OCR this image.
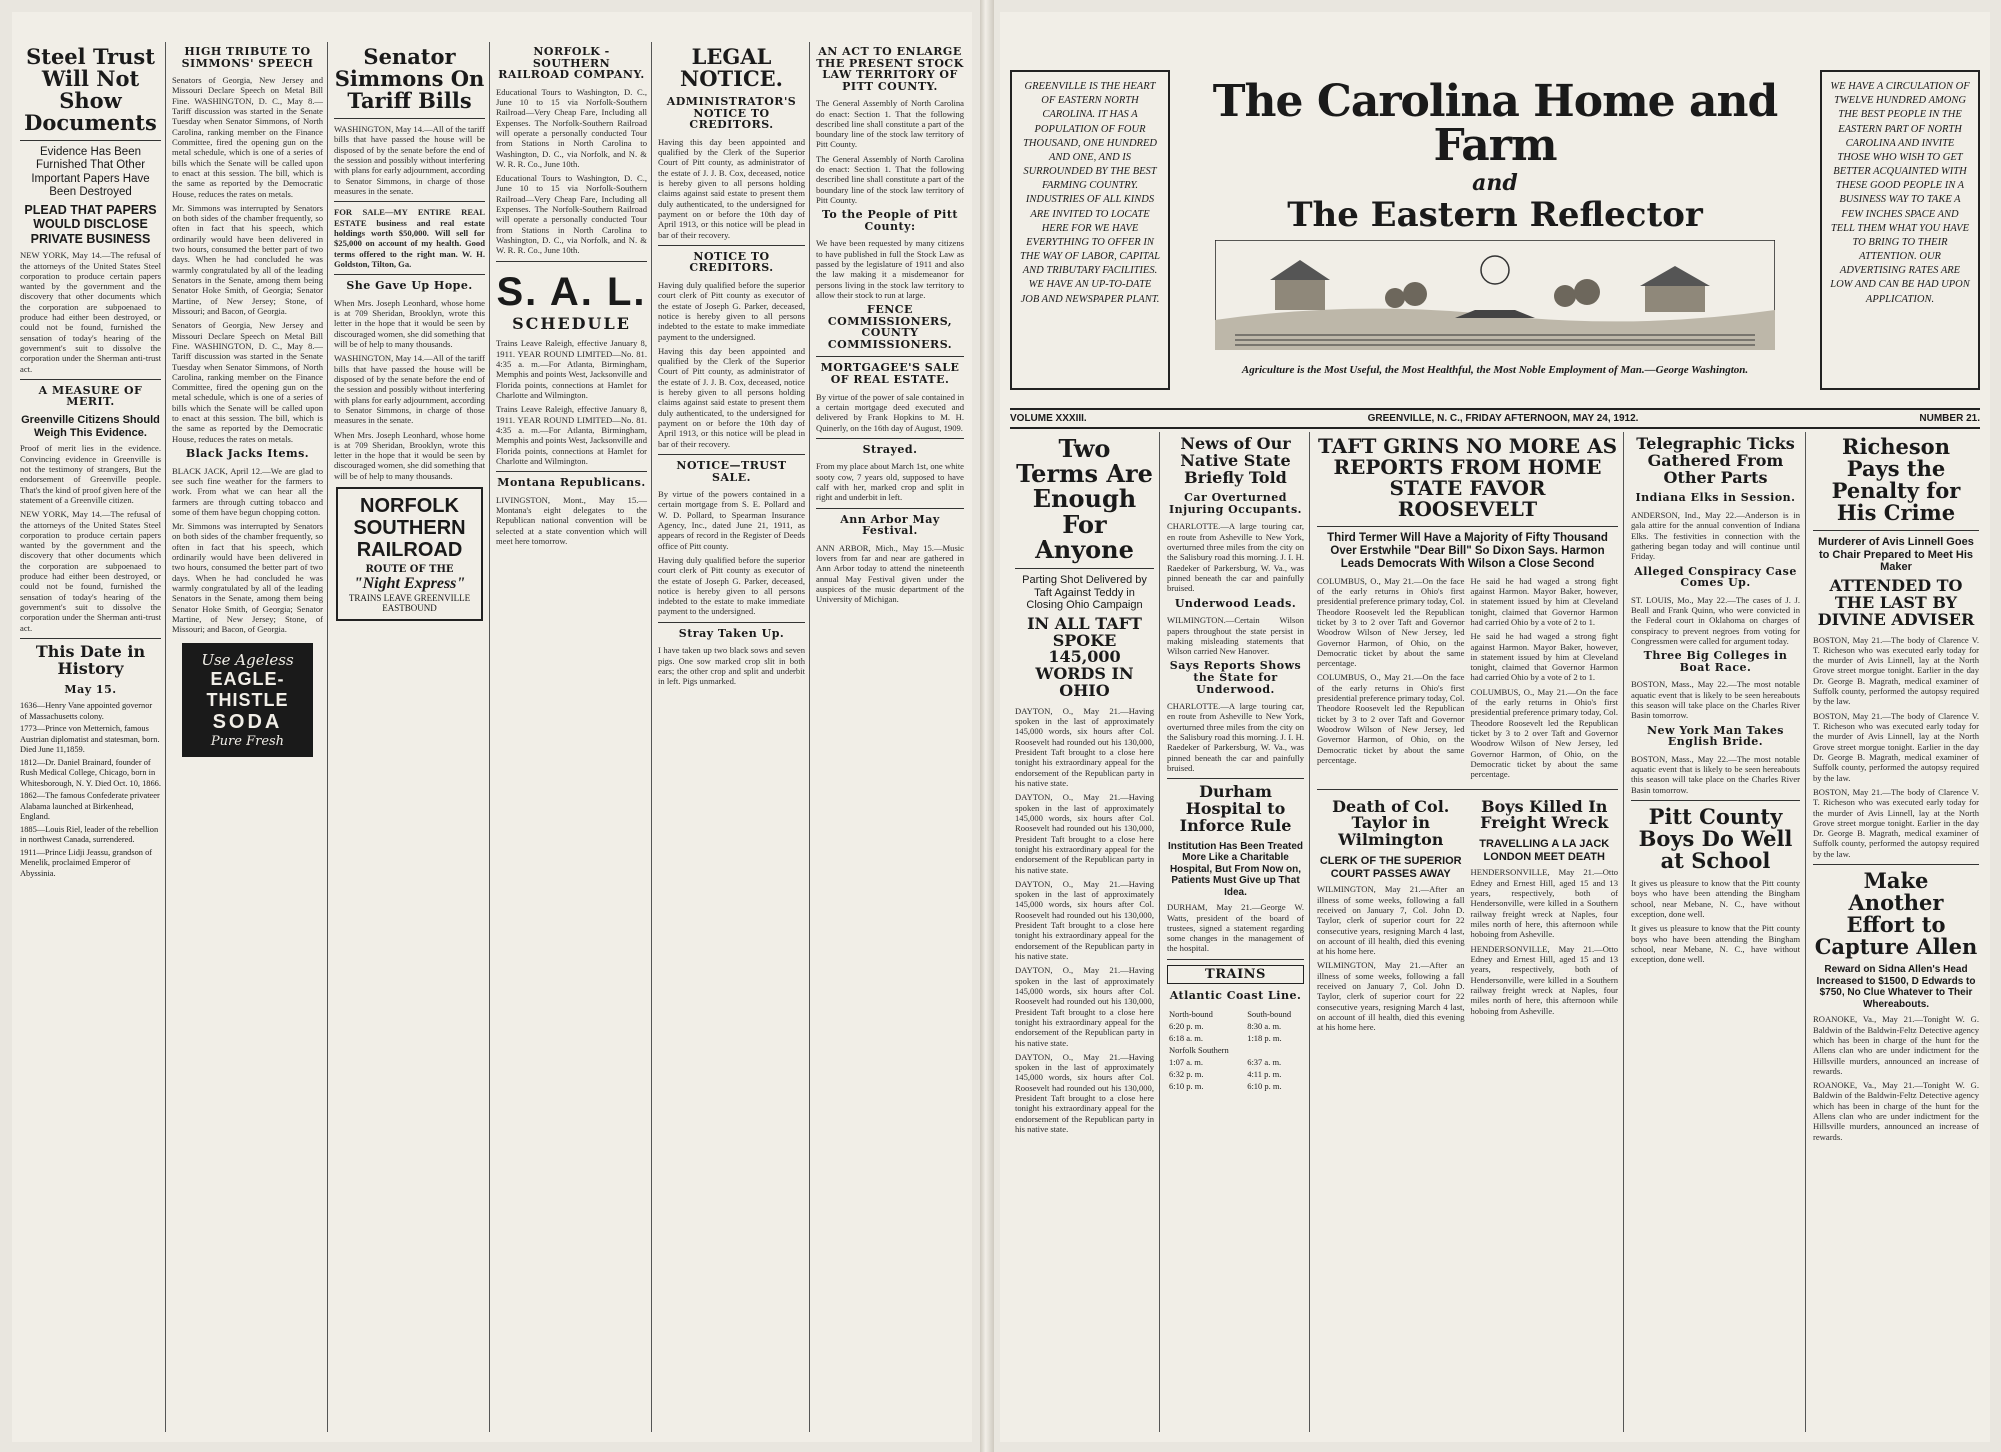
Steel Trust Will Not Show Documents
Evidence Has Been Furnished That Other Important Papers Have Been Destroyed
PLEAD THAT PAPERS WOULD DISCLOSE PRIVATE BUSINESS

NEW YORK, May 14.—The refusal of the attorneys of the United States Steel corporation to produce certain papers wanted by the government and the discovery that other documents which the corporation are subpoenaed to produce had either been destroyed, or could not be found, furnished the sensation of today's hearing of the government's suit to dissolve the corporation under the Sherman anti-trust act.

A MEASURE OF MERIT.
Greenville Citizens Should Weigh This Evidence.

Proof of merit lies in the evidence. Convincing evidence in Greenville is not the testimony of strangers, But the endorsement of Greenville people. That's the kind of proof given here of the statement of a Greenville citizen.

NEW YORK, May 14.—The refusal of the attorneys of the United States Steel corporation to produce certain papers wanted by the government and the discovery that other documents which the corporation are subpoenaed to produce had either been destroyed, or could not be found, furnished the sensation of today's hearing of the government's suit to dissolve the corporation under the Sherman anti-trust act.

This Date in History
May 15.
1636—Henry Vane appointed governor of Massachusetts colony.
1773—Prince von Metternich, famous Austrian diplomatist and statesman, born. Died June 11,1859.
1812—Dr. Daniel Brainard, founder of Rush Medical College, Chicago, born in Whitesborough, N. Y. Died Oct. 10, 1866.
1862—The famous Confederate privateer Alabama launched at Birkenhead, England.
1885—Louis Riel, leader of the rebellion in northwest Canada, surrendered.
1911—Prince Lidji Jeassu, grandson of Menelik, proclaimed Emperor of Abyssinia.
HIGH TRIBUTE TO SIMMONS' SPEECH

Senators of Georgia, New Jersey and Missouri Declare Speech on Metal Bill Fine. WASHINGTON, D. C., May 8.—Tariff discussion was started in the Senate Tuesday when Senator Simmons, of North Carolina, ranking member on the Finance Committee, fired the opening gun on the metal schedule, which is one of a series of bills which the Senate will be called upon to enact at this session. The bill, which is the same as reported by the Democratic House, reduces the rates on metals.

Mr. Simmons was interrupted by Senators on both sides of the chamber frequently, so often in fact that his speech, which ordinarily would have been delivered in two hours, consumed the better part of two days. When he had concluded he was warmly congratulated by all of the leading Senators in the Senate, among them being Senator Hoke Smith, of Georgia; Senator Martine, of New Jersey; Stone, of Missouri; and Bacon, of Georgia.

Senators of Georgia, New Jersey and Missouri Declare Speech on Metal Bill Fine. WASHINGTON, D. C., May 8.—Tariff discussion was started in the Senate Tuesday when Senator Simmons, of North Carolina, ranking member on the Finance Committee, fired the opening gun on the metal schedule, which is one of a series of bills which the Senate will be called upon to enact at this session. The bill, which is the same as reported by the Democratic House, reduces the rates on metals.

Black Jacks Items.

BLACK JACK, April 12.—We are glad to see such fine weather for the farmers to work. From what we can hear all the farmers are through cutting tobacco and some of them have begun chopping cotton.

Mr. Simmons was interrupted by Senators on both sides of the chamber frequently, so often in fact that his speech, which ordinarily would have been delivered in two hours, consumed the better part of two days. When he had concluded he was warmly congratulated by all of the leading Senators in the Senate, among them being Senator Hoke Smith, of Georgia; Senator Martine, of New Jersey; Stone, of Missouri; and Bacon, of Georgia.

Use Ageless
EAGLE-THISTLE
SODA
Pure Fresh
Senator Simmons On Tariff Bills

WASHINGTON, May 14.—All of the tariff bills that have passed the house will be disposed of by the senate before the end of the session and possibly without interfering with plans for early adjournment, according to Senator Simmons, in charge of those measures in the senate.

FOR SALE—MY ENTIRE REAL ESTATE business and real estate holdings worth $50,000. Will sell for $25,000 on account of my health. Good terms offered to the right man. W. H. Goldston, Tilton, Ga.

She Gave Up Hope.

When Mrs. Joseph Leonhard, whose home is at 709 Sheridan, Brooklyn, wrote this letter in the hope that it would be seen by discouraged women, she did something that will be of help to many thousands.

WASHINGTON, May 14.—All of the tariff bills that have passed the house will be disposed of by the senate before the end of the session and possibly without interfering with plans for early adjournment, according to Senator Simmons, in charge of those measures in the senate.

When Mrs. Joseph Leonhard, whose home is at 709 Sheridan, Brooklyn, wrote this letter in the hope that it would be seen by discouraged women, she did something that will be of help to many thousands.

NORFOLK SOUTHERN RAILROAD
ROUTE OF THE
"Night Express"
TRAINS LEAVE GREENVILLE EASTBOUND
NORFOLK - SOUTHERN RAILROAD COMPANY.

Educational Tours to Washington, D. C., June 10 to 15 via Norfolk-Southern Railroad—Very Cheap Fare, Including all Expenses. The Norfolk-Southern Railroad will operate a personally conducted Tour from Stations in North Carolina to Washington, D. C., via Norfolk, and N. & W. R. R. Co., June 10th.

Educational Tours to Washington, D. C., June 10 to 15 via Norfolk-Southern Railroad—Very Cheap Fare, Including all Expenses. The Norfolk-Southern Railroad will operate a personally conducted Tour from Stations in North Carolina to Washington, D. C., via Norfolk, and N. & W. R. R. Co., June 10th.

S. A. L.
SCHEDULE

Trains Leave Raleigh, effective January 8, 1911. YEAR ROUND LIMITED—No. 81. 4:35 a. m.—For Atlanta, Birmingham, Memphis and points West, Jacksonville and Florida points, connections at Hamlet for Charlotte and Wilmington.

Trains Leave Raleigh, effective January 8, 1911. YEAR ROUND LIMITED—No. 81. 4:35 a. m.—For Atlanta, Birmingham, Memphis and points West, Jacksonville and Florida points, connections at Hamlet for Charlotte and Wilmington.

Montana Republicans.

LIVINGSTON, Mont., May 15.—Montana's eight delegates to the Republican national convention will be selected at a state convention which will meet here tomorrow.

LEGAL NOTICE.
ADMINISTRATOR'S NOTICE TO CREDITORS.

Having this day been appointed and qualified by the Clerk of the Superior Court of Pitt county, as administrator of the estate of J. J. B. Cox, deceased, notice is hereby given to all persons holding claims against said estate to present them duly authenticated, to the undersigned for payment on or before the 10th day of April 1913, or this notice will be plead in bar of their recovery.

NOTICE TO CREDITORS.

Having duly qualified before the superior court clerk of Pitt county as executor of the estate of Joseph G. Parker, deceased, notice is hereby given to all persons indebted to the estate to make immediate payment to the undersigned.

Having this day been appointed and qualified by the Clerk of the Superior Court of Pitt county, as administrator of the estate of J. J. B. Cox, deceased, notice is hereby given to all persons holding claims against said estate to present them duly authenticated, to the undersigned for payment on or before the 10th day of April 1913, or this notice will be plead in bar of their recovery.

NOTICE—TRUST SALE.

By virtue of the powers contained in a certain mortgage from S. E. Pollard and W. D. Pollard, to Spearman Insurance Agency, Inc., dated June 21, 1911, as appears of record in the Register of Deeds office of Pitt county.

Having duly qualified before the superior court clerk of Pitt county as executor of the estate of Joseph G. Parker, deceased, notice is hereby given to all persons indebted to the estate to make immediate payment to the undersigned.

Stray Taken Up.

I have taken up two black sows and seven pigs. One sow marked crop slit in both ears; the other crop and split and underbit in left. Pigs unmarked.

AN ACT TO ENLARGE THE PRESENT STOCK LAW TERRITORY OF PITT COUNTY.

The General Assembly of North Carolina do enact: Section 1. That the following described line shall constitute a part of the boundary line of the stock law territory of Pitt County.

The General Assembly of North Carolina do enact: Section 1. That the following described line shall constitute a part of the boundary line of the stock law territory of Pitt County.

To the People of Pitt County:

We have been requested by many citizens to have published in full the Stock Law as passed by the legislature of 1911 and also the law making it a misdemeanor for persons living in the stock law territory to allow their stock to run at large.

FENCE COMMISSIONERS, COUNTY COMMISSIONERS.
MORTGAGEE'S SALE OF REAL ESTATE.

By virtue of the power of sale contained in a certain mortgage deed executed and delivered by Frank Hopkins to M. H. Quinerly, on the 16th day of August, 1909.

Strayed.

From my place about March 1st, one white sooty cow, 7 years old, supposed to have calf with her, marked crop and split in right and underbit in left.

Ann Arbor May Festival.

ANN ARBOR, Mich., May 15.—Music lovers from far and near are gathered in Ann Arbor today to attend the nineteenth annual May Festival given under the auspices of the music department of the University of Michigan.

GREENVILLE IS THE HEART OF EASTERN NORTH CAROLINA. IT HAS A POPULATION OF FOUR THOUSAND, ONE HUNDRED AND ONE, AND IS SURROUNDED BY THE BEST FARMING COUNTRY. INDUSTRIES OF ALL KINDS ARE INVITED TO LOCATE HERE FOR WE HAVE EVERYTHING TO OFFER IN THE WAY OF LABOR, CAPITAL AND TRIBUTARY FACILITIES. WE HAVE AN UP-TO-DATE JOB AND NEWSPAPER PLANT.
The Carolina Home and Farm
and
The Eastern Reflector
Agriculture is the Most Useful, the Most Healthful, the Most Noble Employment of Man.—George Washington.
WE HAVE A CIRCULATION OF TWELVE HUNDRED AMONG THE BEST PEOPLE IN THE EASTERN PART OF NORTH CAROLINA AND INVITE THOSE WHO WISH TO GET BETTER ACQUAINTED WITH THESE GOOD PEOPLE IN A BUSINESS WAY TO TAKE A FEW INCHES SPACE AND TELL THEM WHAT YOU HAVE TO BRING TO THEIR ATTENTION. OUR ADVERTISING RATES ARE LOW AND CAN BE HAD UPON APPLICATION.
VOLUME XXXIII.	GREENVILLE, N. C., FRIDAY AFTERNOON, MAY 24, 1912.	NUMBER 21.
Two Terms Are Enough For Anyone
Parting Shot Delivered by Taft Against Teddy in Closing Ohio Campaign
IN ALL TAFT SPOKE 145,000 WORDS IN OHIO

DAYTON, O., May 21.—Having spoken in the last of approximately 145,000 words, six hours after Col. Roosevelt had rounded out his 130,000, President Taft brought to a close here tonight his extraordinary appeal for the endorsement of the Republican party in his native state.

DAYTON, O., May 21.—Having spoken in the last of approximately 145,000 words, six hours after Col. Roosevelt had rounded out his 130,000, President Taft brought to a close here tonight his extraordinary appeal for the endorsement of the Republican party in his native state.

DAYTON, O., May 21.—Having spoken in the last of approximately 145,000 words, six hours after Col. Roosevelt had rounded out his 130,000, President Taft brought to a close here tonight his extraordinary appeal for the endorsement of the Republican party in his native state.

DAYTON, O., May 21.—Having spoken in the last of approximately 145,000 words, six hours after Col. Roosevelt had rounded out his 130,000, President Taft brought to a close here tonight his extraordinary appeal for the endorsement of the Republican party in his native state.

DAYTON, O., May 21.—Having spoken in the last of approximately 145,000 words, six hours after Col. Roosevelt had rounded out his 130,000, President Taft brought to a close here tonight his extraordinary appeal for the endorsement of the Republican party in his native state.

News of Our Native State Briefly Told
Car Overturned Injuring Occupants.

CHARLOTTE.—A large touring car, en route from Asheville to New York, overturned three miles from the city on the Salisbury road this morning. J. I. H. Raedeker of Parkersburg, W. Va., was pinned beneath the car and painfully bruised.

Underwood Leads.

WILMINGTON.—Certain Wilson papers throughout the state persist in making misleading statements that Wilson carried New Hanover.

Says Reports Shows the State for Underwood.

CHARLOTTE.—A large touring car, en route from Asheville to New York, overturned three miles from the city on the Salisbury road this morning. J. I. H. Raedeker of Parkersburg, W. Va., was pinned beneath the car and painfully bruised.

Durham Hospital to Inforce Rule
Institution Has Been Treated More Like a Charitable Hospital, But From Now on, Patients Must Give up That Idea.

DURHAM, May 21.—George W. Watts, president of the board of trustees, signed a statement regarding some changes in the management of the hospital.

TRAINS
Atlantic Coast Line.
North-bound	South-bound
6:20 p. m.	8:30 a. m.
6:18 a. m.	1:18 p. m.
Norfolk Southern	
1:07 a. m.	6:37 a. m.
6:32 p. m.	4:11 p. m.
6:10 p. m.	6:10 p. m.
TAFT GRINS NO MORE AS REPORTS FROM HOME STATE FAVOR ROOSEVELT
Third Termer Will Have a Majority of Fifty Thousand Over Erstwhile "Dear Bill" So Dixon Says. Harmon Leads Democrats With Wilson a Close Second

COLUMBUS, O., May 21.—On the face of the early returns in Ohio's first presidential preference primary today, Col. Theodore Roosevelt led the Republican ticket by 3 to 2 over Taft and Governor Woodrow Wilson of New Jersey, led Governor Harmon, of Ohio, on the Democratic ticket by about the same percentage.

COLUMBUS, O., May 21.—On the face of the early returns in Ohio's first presidential preference primary today, Col. Theodore Roosevelt led the Republican ticket by 3 to 2 over Taft and Governor Woodrow Wilson of New Jersey, led Governor Harmon, of Ohio, on the Democratic ticket by about the same percentage.

He said he had waged a strong fight against Harmon. Mayor Baker, however, in statement issued by him at Cleveland tonight, claimed that Governor Harmon had carried Ohio by a vote of 2 to 1.

He said he had waged a strong fight against Harmon. Mayor Baker, however, in statement issued by him at Cleveland tonight, claimed that Governor Harmon had carried Ohio by a vote of 2 to 1.

COLUMBUS, O., May 21.—On the face of the early returns in Ohio's first presidential preference primary today, Col. Theodore Roosevelt led the Republican ticket by 3 to 2 over Taft and Governor Woodrow Wilson of New Jersey, led Governor Harmon, of Ohio, on the Democratic ticket by about the same percentage.

Death of Col. Taylor in Wilmington
CLERK OF THE SUPERIOR COURT PASSES AWAY

WILMINGTON, May 21.—After an illness of some weeks, following a fall received on January 7, Col. John D. Taylor, clerk of superior court for 22 consecutive years, resigning March 4 last, on account of ill health, died this evening at his home here.

WILMINGTON, May 21.—After an illness of some weeks, following a fall received on January 7, Col. John D. Taylor, clerk of superior court for 22 consecutive years, resigning March 4 last, on account of ill health, died this evening at his home here.

Boys Killed In Freight Wreck
TRAVELLING A LA JACK LONDON MEET DEATH

HENDERSONVILLE, May 21.—Otto Edney and Ernest Hill, aged 15 and 13 years, respectively, both of Hendersonville, were killed in a Southern railway freight wreck at Naples, four miles north of here, this afternoon while hoboing from Asheville.

HENDERSONVILLE, May 21.—Otto Edney and Ernest Hill, aged 15 and 13 years, respectively, both of Hendersonville, were killed in a Southern railway freight wreck at Naples, four miles north of here, this afternoon while hoboing from Asheville.

Telegraphic Ticks Gathered From Other Parts
Indiana Elks in Session.

ANDERSON, Ind., May 22.—Anderson is in gala attire for the annual convention of Indiana Elks. The festivities in connection with the gathering began today and will continue until Friday.

Alleged Conspiracy Case Comes Up.

ST. LOUIS, Mo., May 22.—The cases of J. J. Beall and Frank Quinn, who were convicted in the Federal court in Oklahoma on charges of conspiracy to prevent negroes from voting for Congressmen were called for argument today.

Three Big Colleges in Boat Race.

BOSTON, Mass., May 22.—The most notable aquatic event that is likely to be seen hereabouts this season will take place on the Charles River Basin tomorrow.

New York Man Takes English Bride.

BOSTON, Mass., May 22.—The most notable aquatic event that is likely to be seen hereabouts this season will take place on the Charles River Basin tomorrow.

Pitt County Boys Do Well at School

It gives us pleasure to know that the Pitt county boys who have been attending the Bingham school, near Mebane, N. C., have without exception, done well.

It gives us pleasure to know that the Pitt county boys who have been attending the Bingham school, near Mebane, N. C., have without exception, done well.

Richeson Pays the Penalty for His Crime
Murderer of Avis Linnell Goes to Chair Prepared to Meet His Maker
ATTENDED TO THE LAST BY DIVINE ADVISER

BOSTON, May 21.—The body of Clarence V. T. Richeson who was executed early today for the murder of Avis Linnell, lay at the North Grove street morgue tonight. Earlier in the day Dr. George B. Magrath, medical examiner of Suffolk county, performed the autopsy required by the law.

BOSTON, May 21.—The body of Clarence V. T. Richeson who was executed early today for the murder of Avis Linnell, lay at the North Grove street morgue tonight. Earlier in the day Dr. George B. Magrath, medical examiner of Suffolk county, performed the autopsy required by the law.

BOSTON, May 21.—The body of Clarence V. T. Richeson who was executed early today for the murder of Avis Linnell, lay at the North Grove street morgue tonight. Earlier in the day Dr. George B. Magrath, medical examiner of Suffolk county, performed the autopsy required by the law.

Make Another Effort to Capture Allen
Reward on Sidna Allen's Head Increased to $1500, D Edwards to $750, No Clue Whatever to Their Whereabouts.

ROANOKE, Va., May 21.—Tonight W. G. Baldwin of the Baldwin-Feltz Detective agency which has been in charge of the hunt for the Allens clan who are under indictment for the Hillsville murders, announced an increase of rewards.

ROANOKE, Va., May 21.—Tonight W. G. Baldwin of the Baldwin-Feltz Detective agency which has been in charge of the hunt for the Allens clan who are under indictment for the Hillsville murders, announced an increase of rewards.
